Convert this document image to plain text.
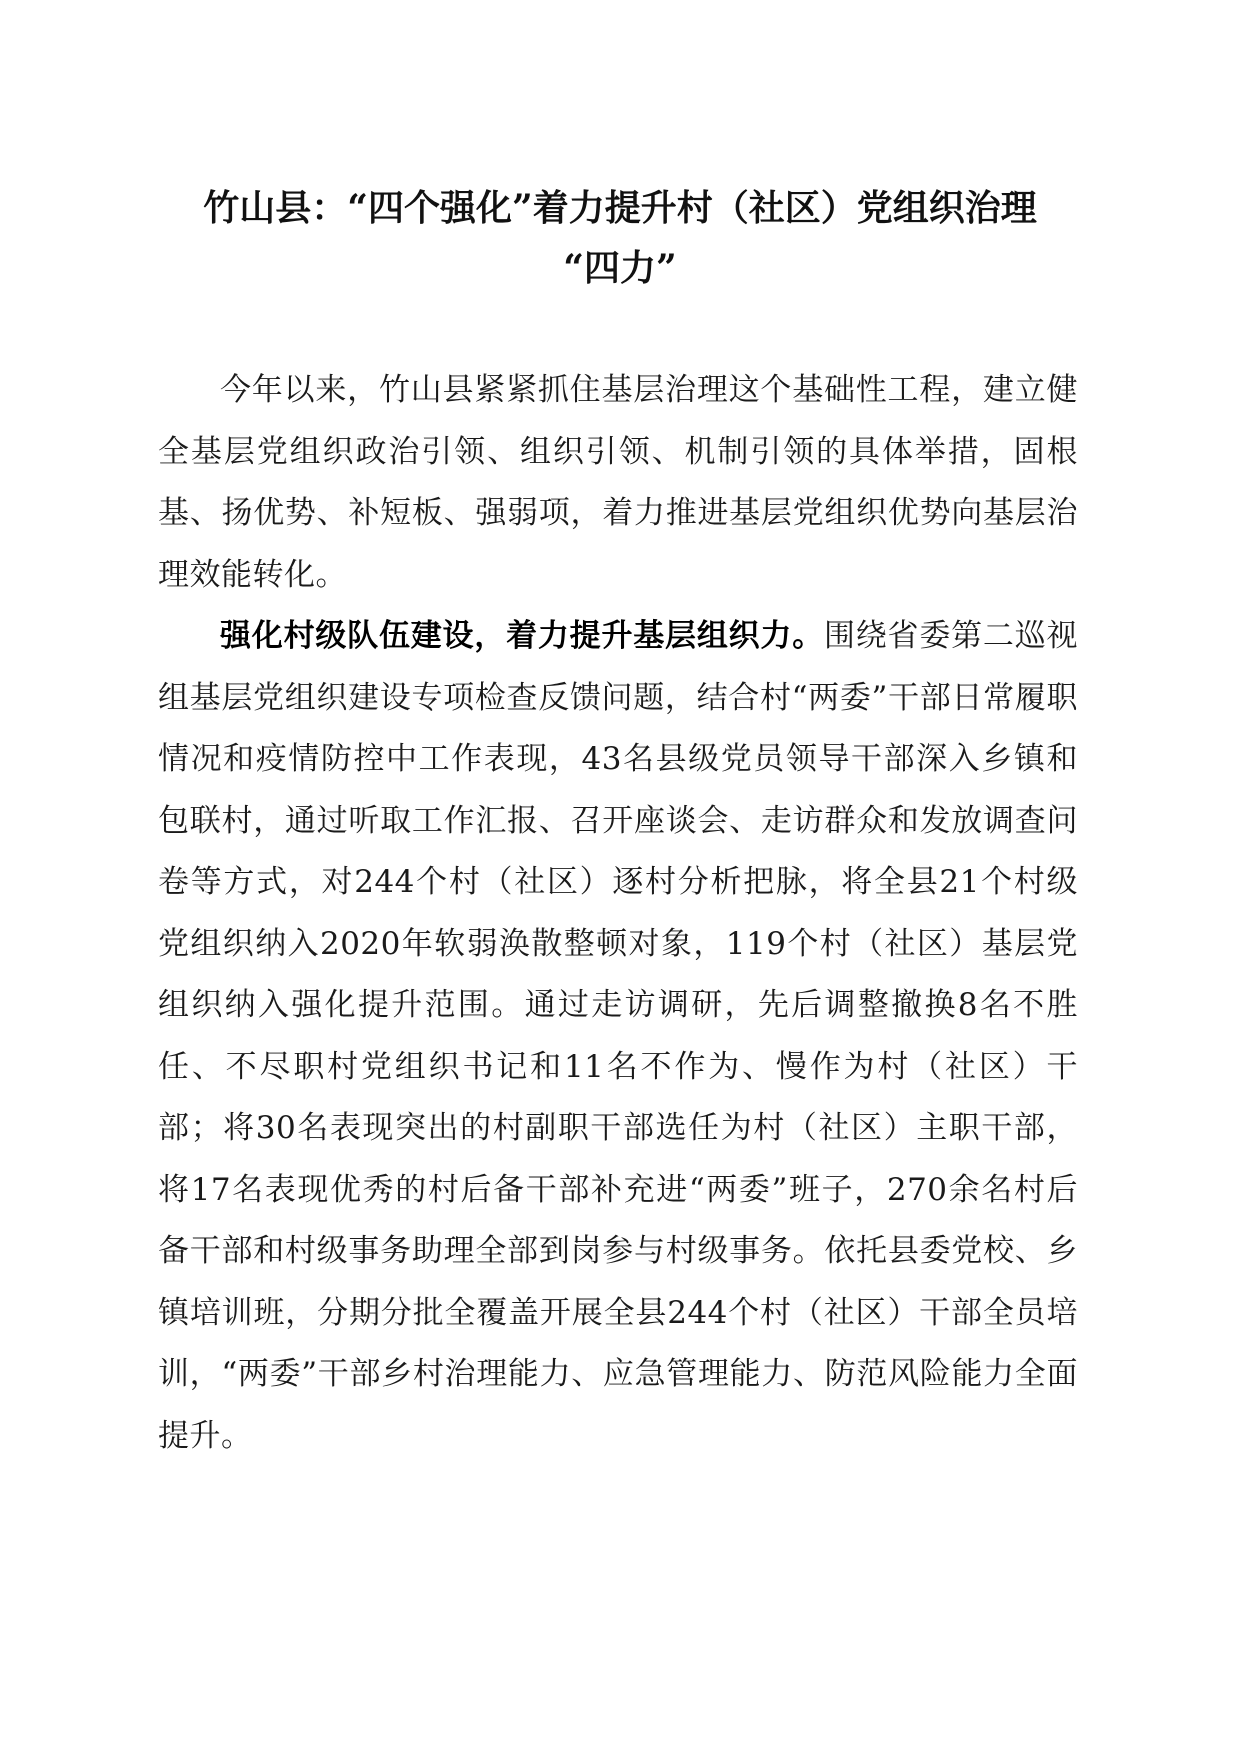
竹山县：“四个强化”着力提升村（社区）党组织治理
“四力”

今年以来，竹山县紧紧抓住基层治理这个基础性工程，建立健全基层党组织政治引领、组织引领、机制引领的具体举措，固根基、扬优势、补短板、强弱项，着力推进基层党组织优势向基层治理效能转化。

强化村级队伍建设，着力提升基层组织力。围绕省委第二巡视组基层党组织建设专项检查反馈问题，结合村“两委”干部日常履职情况和疫情防控中工作表现，43名县级党员领导干部深入乡镇和包联村，通过听取工作汇报、召开座谈会、走访群众和发放调查问卷等方式，对244个村（社区）逐村分析把脉，将全县21个村级党组织纳入2020年软弱涣散整顿对象，119个村（社区）基层党组织纳入强化提升范围。通过走访调研，先后调整撤换8名不胜任、不尽职村党组织书记和11名不作为、慢作为村（社区）干部；将30名表现突出的村副职干部选任为村（社区）主职干部，将17名表现优秀的村后备干部补充进“两委”班子，270余名村后备干部和村级事务助理全部到岗参与村级事务。依托县委党校、乡镇培训班，分期分批全覆盖开展全县244个村（社区）干部全员培训，“两委”干部乡村治理能力、应急管理能力、防范风险能力全面提升。
